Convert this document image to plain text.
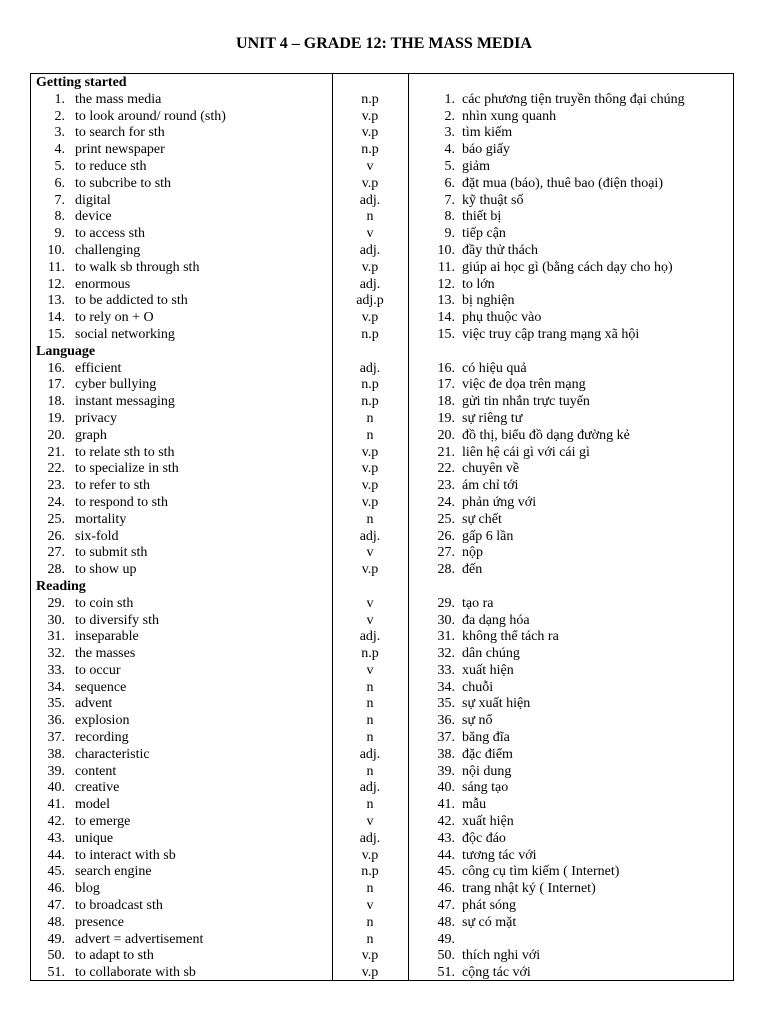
UNIT 4 – GRADE 12: THE MASS MEDIA
Getting started
1. the mass media	n.p	1. các phương tiện truyền thông đại chúng
2. to look around/ round (sth)	v.p	2. nhìn xung quanh
3. to search for sth	v.p	3. tìm kiếm
4. print newspaper	n.p	4. báo giấy
5. to reduce sth	v	5. giảm
6. to subcribe to sth	v.p	6. đặt mua (báo), thuê bao (điện thoại)
7. digital	adj.	7. kỹ thuật số
8. device	n	8. thiết bị
9. to access sth	v	9. tiếp cận
10. challenging	adj.	10. đầy thử thách
11. to walk sb through sth	v.p	11. giúp ai học gì (bằng cách dạy cho họ)
12. enormous	adj.	12. to lớn
13. to be addicted to sth	adj.p	13. bị nghiện
14. to rely on + O	v.p	14. phụ thuộc vào
15. social networking	n.p	15. việc truy cập trang mạng xã hội
Language
16. efficient	adj.	16. có hiệu quả
17. cyber bullying	n.p	17. việc đe dọa trên mạng
18. instant messaging	n.p	18. gửi tin nhắn trực tuyến
19. privacy	n	19. sự riêng tư
20. graph	n	20. đồ thị, biểu đồ dạng đường kẻ
21. to relate sth to sth	v.p	21. liên hệ cái gì với cái gì
22. to specialize in sth	v.p	22. chuyên về
23. to refer to sth	v.p	23. ám chỉ tới
24. to respond to sth	v.p	24. phản ứng với
25. mortality	n	25. sự chết
26. six-fold	adj.	26. gấp 6 lần
27. to submit sth	v	27. nộp
28. to show up	v.p	28. đến
Reading
29. to coin sth	v	29. tạo ra
30. to diversify sth	v	30. đa dạng hóa
31. inseparable	adj.	31. không thể tách ra
32. the masses	n.p	32. dân chúng
33. to occur	v	33. xuất hiện
34. sequence	n	34. chuỗi
35. advent	n	35. sự xuất hiện
36. explosion	n	36. sự nổ
37. recording	n	37. băng đĩa
38. characteristic	adj.	38. đặc điểm
39. content	n	39. nội dung
40. creative	adj.	40. sáng tạo
41. model	n	41. mẫu
42. to emerge	v	42. xuất hiện
43. unique	adj.	43. độc đáo
44. to interact with sb	v.p	44. tương tác với
45. search engine	n.p	45. công cụ tìm kiếm ( Internet)
46. blog	n	46. trang nhật ký ( Internet)
47. to broadcast sth	v	47. phát sóng
48. presence	n	48. sự có mặt
49. advert = advertisement	n	49.
50. to adapt to sth	v.p	50. thích nghi với
51. to collaborate with sb	v.p	51. cộng tác với
